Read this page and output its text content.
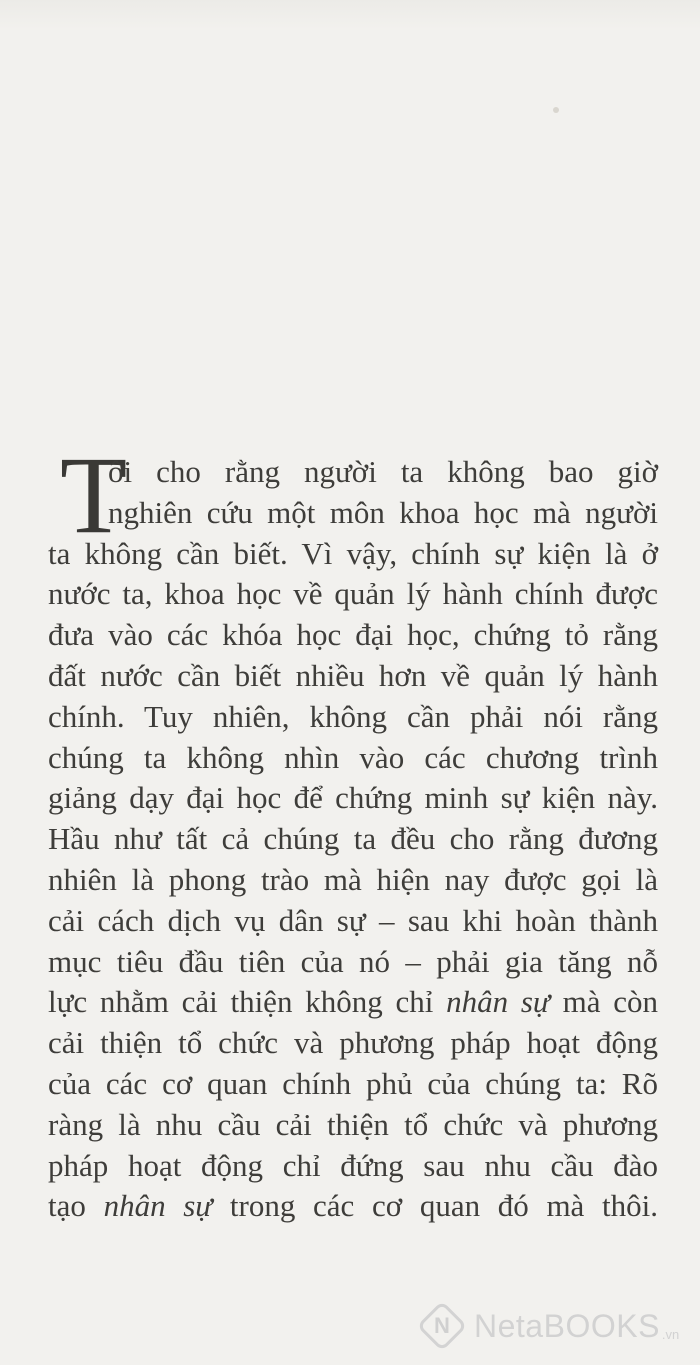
T
ôi cho rằng người ta không bao giờ
nghiên cứu một môn khoa học mà người
ta không cần biết. Vì vậy, chính sự kiện là ở
nước ta, khoa học về quản lý hành chính được
đưa vào các khóa học đại học, chứng tỏ rằng
đất nước cần biết nhiều hơn về quản lý hành
chính. Tuy nhiên, không cần phải nói rằng
chúng ta không nhìn vào các chương trình
giảng dạy đại học để chứng minh sự kiện này.
Hầu như tất cả chúng ta đều cho rằng đương
nhiên là phong trào mà hiện nay được gọi là
cải cách dịch vụ dân sự – sau khi hoàn thành
mục tiêu đầu tiên của nó – phải gia tăng nỗ
lực nhằm cải thiện không chỉ nhân sự mà còn
cải thiện tổ chức và phương pháp hoạt động
của các cơ quan chính phủ của chúng ta: Rõ
ràng là nhu cầu cải thiện tổ chức và phương
pháp hoạt động chỉ đứng sau nhu cầu đào
tạo nhân sự trong các cơ quan đó mà thôi.
N NetaBOOKS .vn
